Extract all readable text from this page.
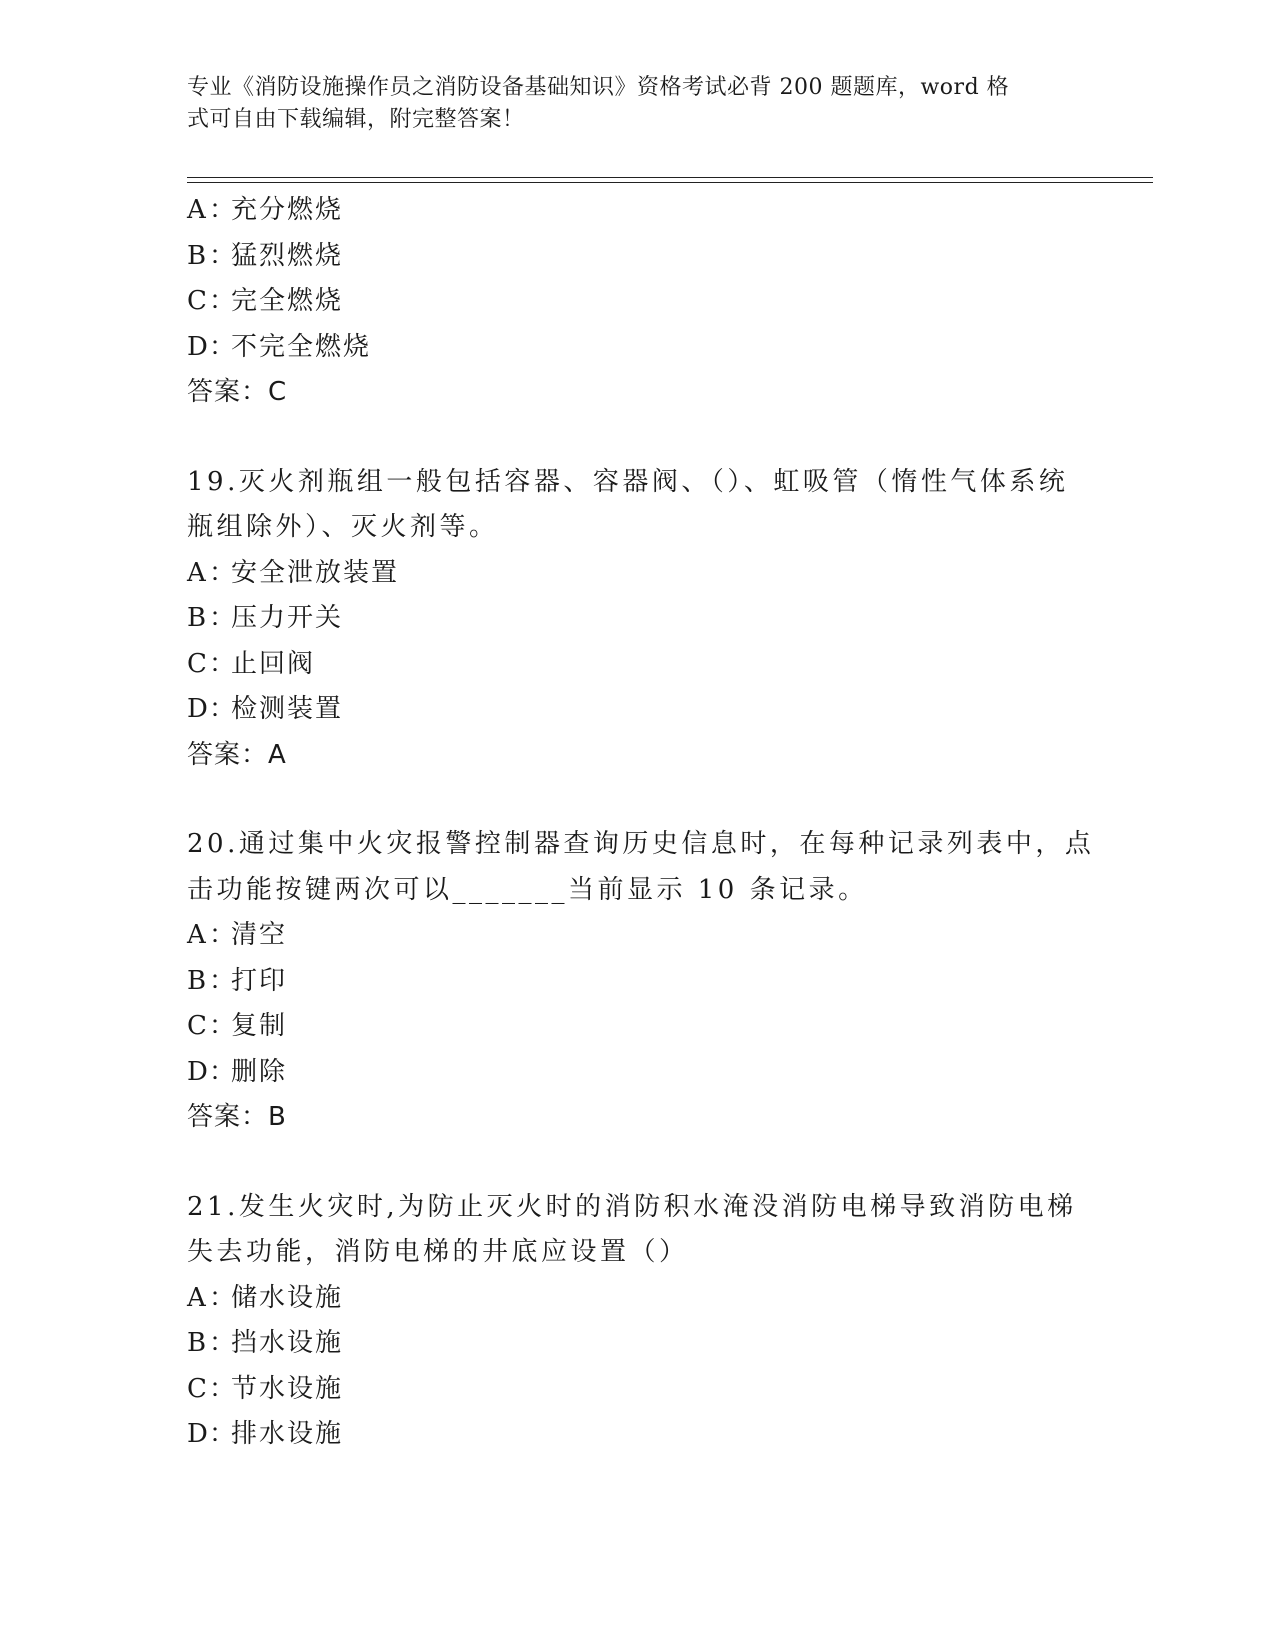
专业《消防设施操作员之消防设备基础知识》资格考试必背 200 题题库，word 格
式可自由下载编辑，附完整答案！
A ：充分燃烧
B ：猛烈燃烧
C：完全燃烧
D：不完全燃烧
答案：C
19.灭火剂瓶组一般包括容器、容器阀、（）、虹吸管（惰性气体系统
瓶组除外）、灭火剂等。
A ：安全泄放装置
B ：压力开关
C：止回阀
D：检测装置
答案：A
20.通过集中火灾报警控制器查询历史信息时，在每种记录列表中，点
击功能按键两次可以_______当前显示 10 条记录。
A ：清空
B ：打印
C：复制
D：删除
答案：B
21.发生火灾时,为防止灭火时的消防积水淹没消防电梯导致消防电梯
失去功能，消防电梯的井底应设置（）
A ：储水设施
B ：挡水设施
C：节水设施
D：排水设施
